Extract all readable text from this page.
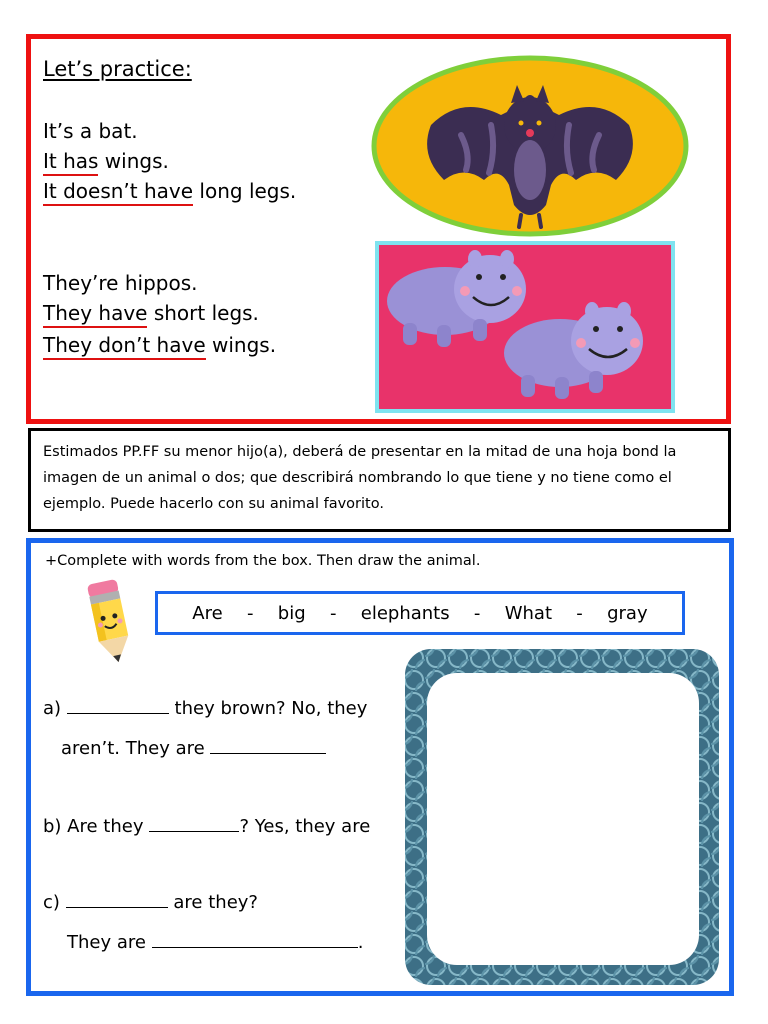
Let’s practice:
It’s a bat.
It has wings.
It doesn’t have long legs.
They’re hippos.
They have short legs.
They don’t have wings.
Estimados PP.FF su menor hijo(a), deberá de presentar en la mitad de una hoja bond la imagen de un animal o dos; que describirá nombrando lo que tiene y no tiene como el ejemplo. Puede hacerlo con su animal favorito.
+Complete with words from the box. Then draw the animal.
Are - big - elephants - What - gray
a)	they brown? No, they
aren’t. They are
b) Are they	? Yes, they are
c)	are they?
They are	.
